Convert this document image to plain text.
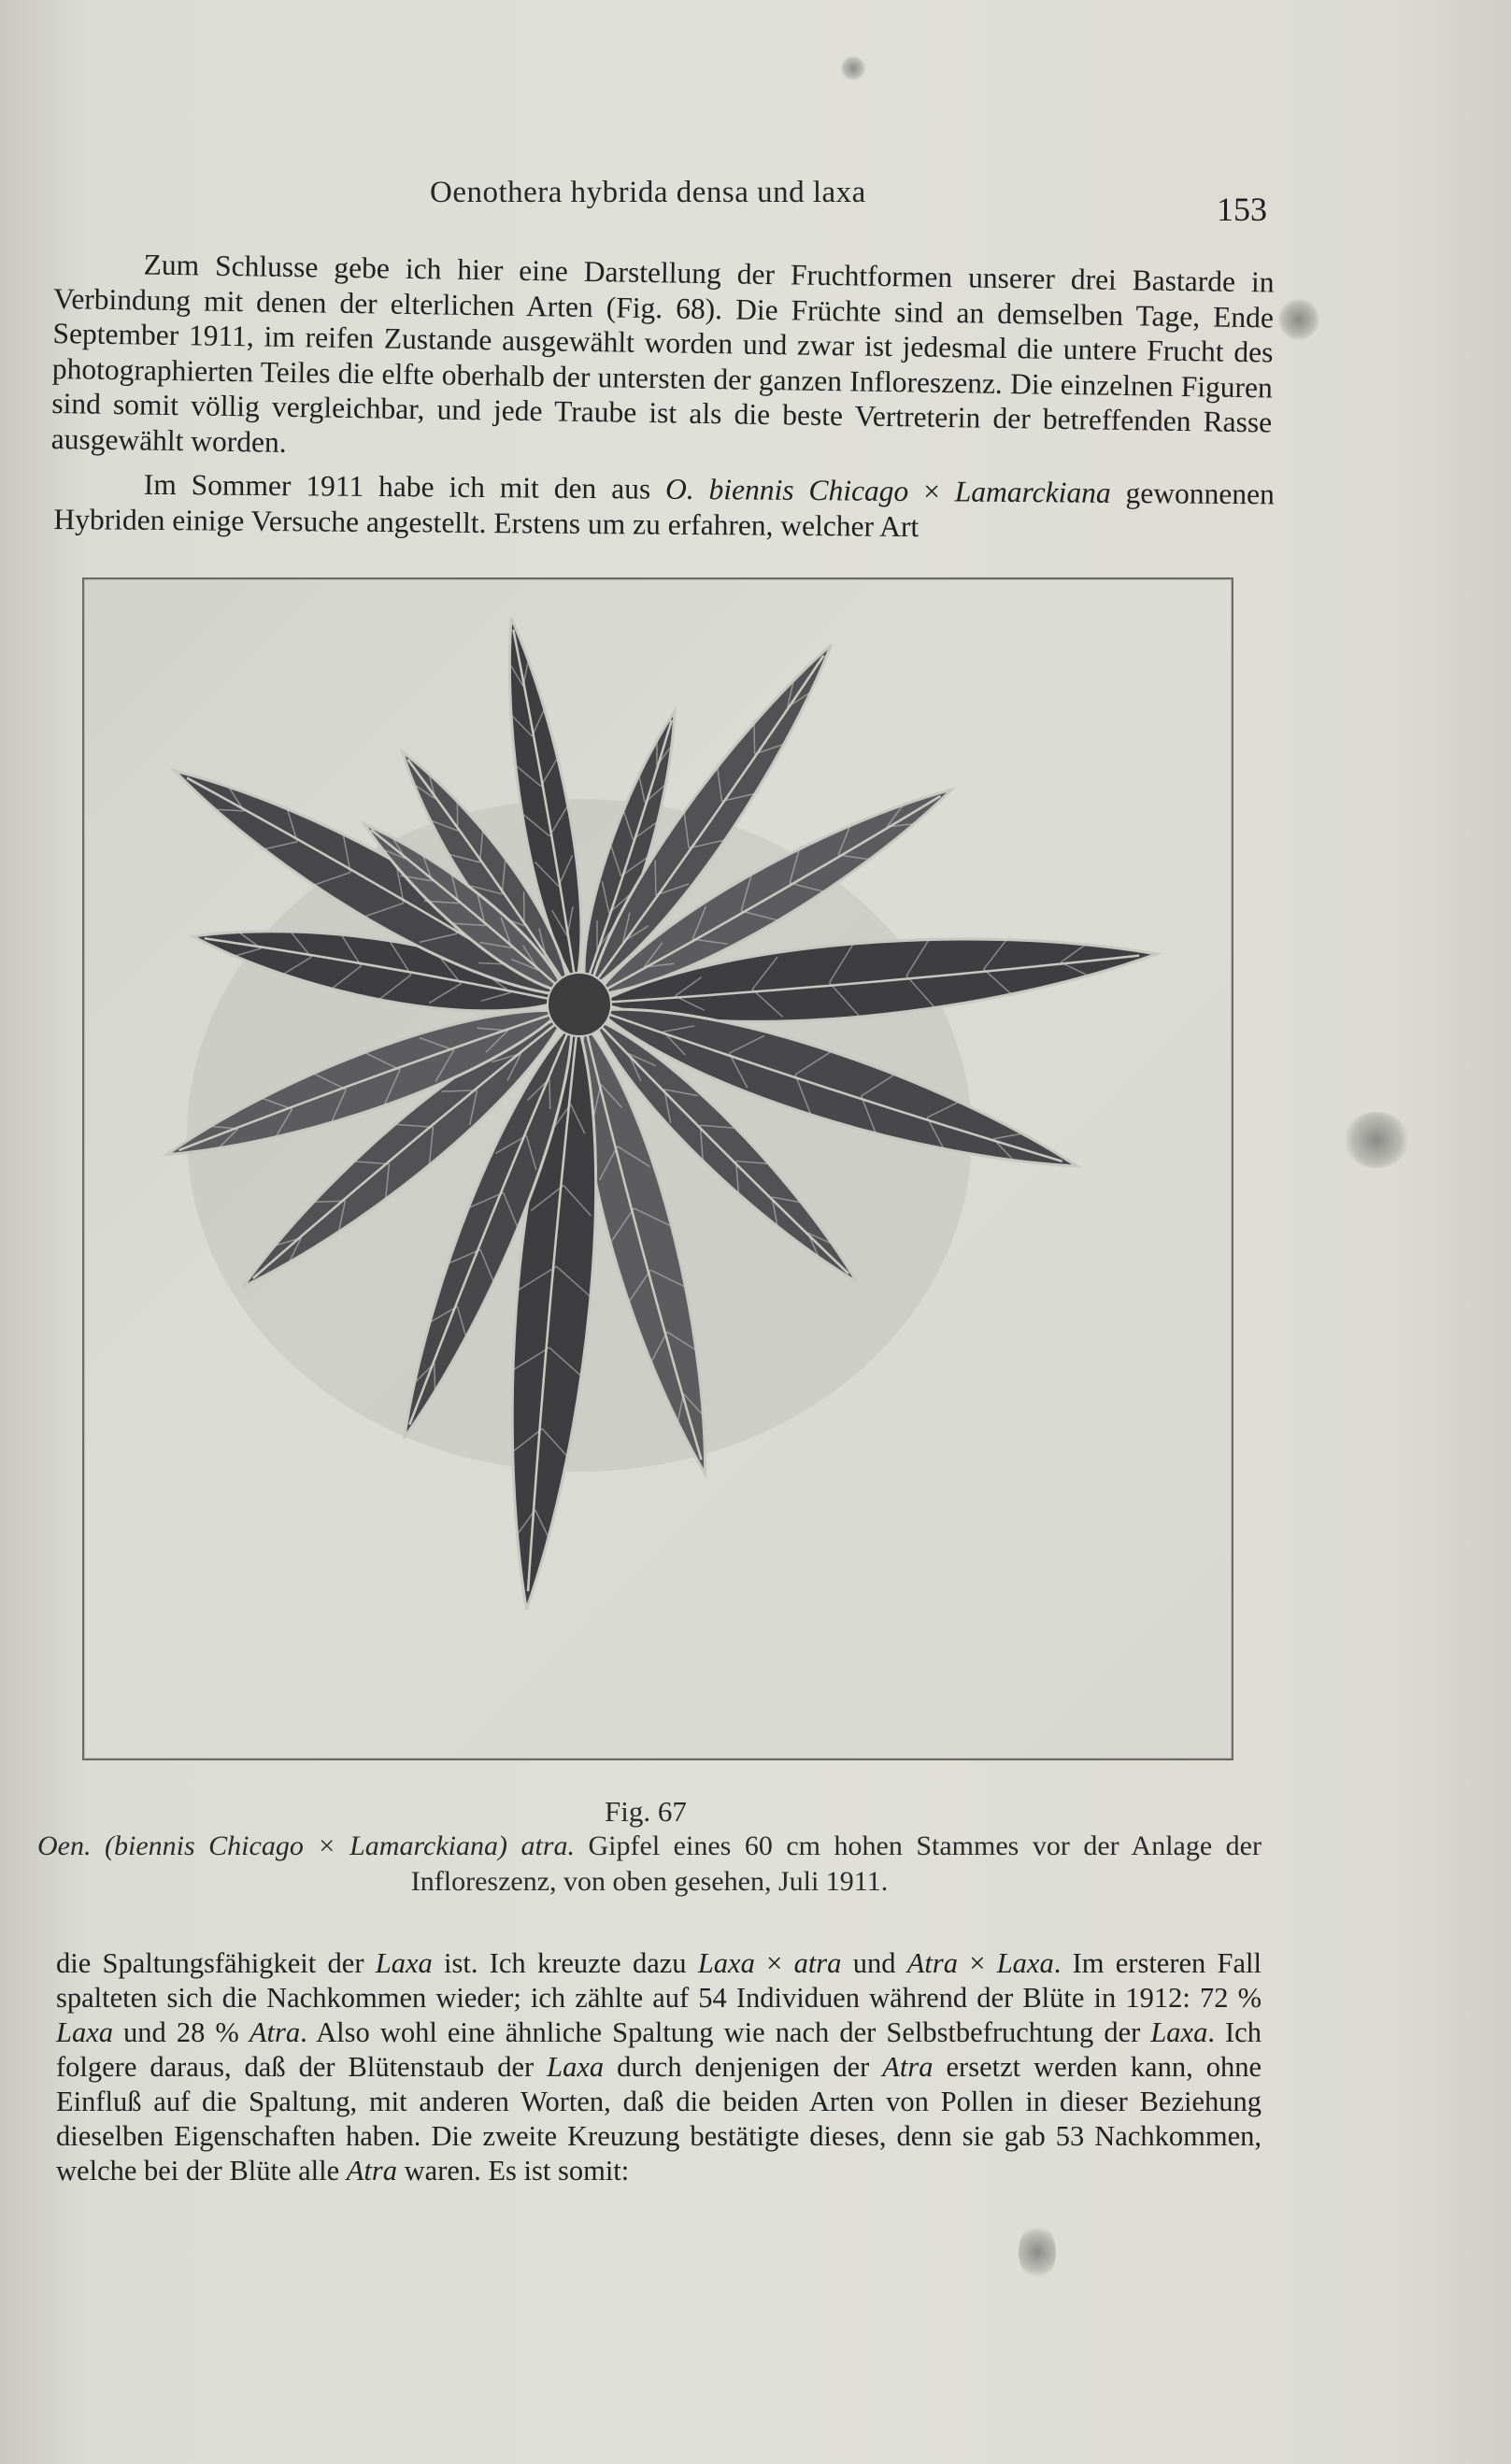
Oenothera hybrida densa und laxa	153

Zum Schlusse gebe ich hier eine Darstellung der Fruchtformen unserer drei Bastarde in Verbindung mit denen der elterlichen Arten (Fig. 68). Die Früchte sind an demselben Tage, Ende September 1911, im reifen Zustande ausgewählt worden und zwar ist jedesmal die untere Frucht des photographierten Teiles die elfte oberhalb der untersten der ganzen Infloreszenz. Die einzelnen Figuren sind somit völlig vergleichbar, und jede Traube ist als die beste Vertreterin der betreffenden Rasse ausgewählt worden.

Im Sommer 1911 habe ich mit den aus O. biennis Chicago × Lamarckiana gewonnenen Hybriden einige Versuche angestellt. Erstens um zu erfahren, welcher Art

Fig. 67

Oen. (biennis Chicago × Lamarckiana) atra. Gipfel eines 60 cm hohen Stammes vor der Anlage der Infloreszenz, von oben gesehen, Juli 1911.

die Spaltungsfähigkeit der Laxa ist. Ich kreuzte dazu Laxa × atra und Atra × Laxa. Im ersteren Fall spalteten sich die Nachkommen wieder; ich zählte auf 54 Individuen während der Blüte in 1912: 72 % Laxa und 28 % Atra. Also wohl eine ähnliche Spaltung wie nach der Selbstbefruchtung der Laxa. Ich folgere daraus, daß der Blütenstaub der Laxa durch denjenigen der Atra ersetzt werden kann, ohne Einfluß auf die Spaltung, mit anderen Worten, daß die beiden Arten von Pollen in dieser Beziehung dieselben Eigenschaften haben. Die zweite Kreuzung bestätigte dieses, denn sie gab 53 Nachkommen, welche bei der Blüte alle Atra waren. Es ist somit:
